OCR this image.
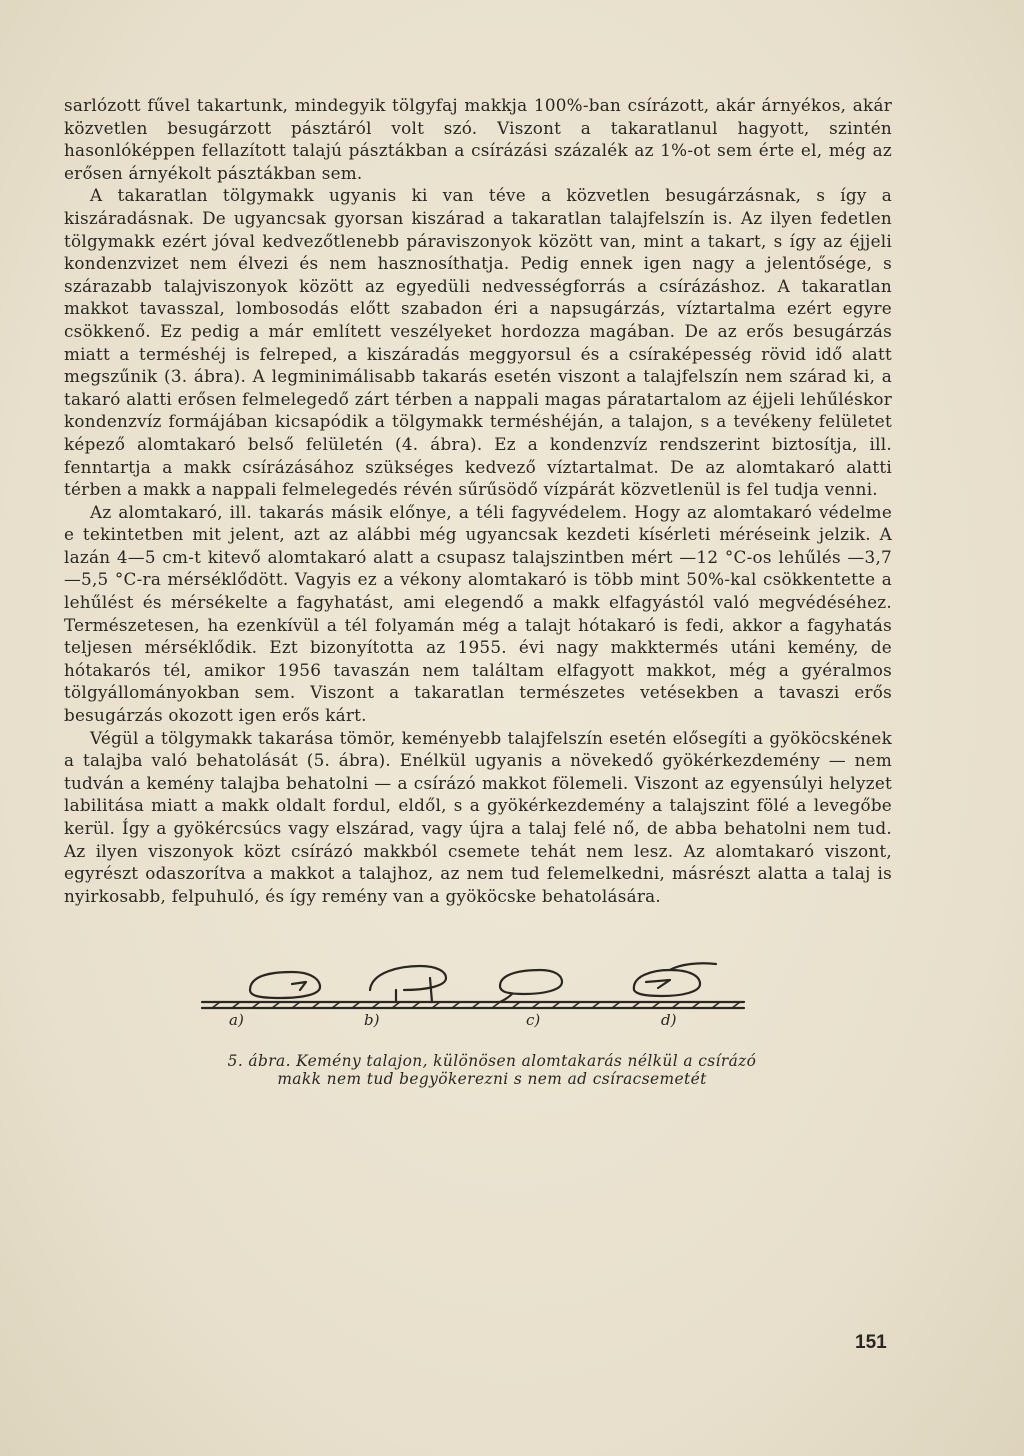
sarlózott fűvel takartunk, mindegyik tölgyfaj makkja 100%-ban csírázott, akár árnyékos, akár közvetlen besugárzott pásztáról volt szó. Viszont a takaratlanul hagyott, szintén hasonlóképpen fellazított talajú pásztákban a csírázási százalék az 1%-ot sem érte el, még az erősen árnyékolt pásztákban sem.

A takaratlan tölgymakk ugyanis ki van téve a közvetlen besugárzásnak, s így a kiszáradásnak. De ugyancsak gyorsan kiszárad a takaratlan talajfelszín is. Az ilyen fedetlen tölgymakk ezért jóval kedvezőtlenebb páraviszonyok között van, mint a takart, s így az éjjeli kondenzvizet nem élvezi és nem hasznosíthatja. Pedig ennek igen nagy a jelentősége, s szárazabb talajviszonyok között az egyedüli nedvességforrás a csírázáshoz. A takaratlan makkot tavasszal, lombosodás előtt szabadon éri a napsugárzás, víztartalma ezért egyre csökkenő. Ez pedig a már említett veszélyeket hordozza magában. De az erős besugárzás miatt a terméshéj is felreped, a kiszáradás meggyorsul és a csíraképesség rövid idő alatt megszűnik (3. ábra). A legminimálisabb takarás esetén viszont a talajfelszín nem szárad ki, a takaró alatti erősen felmelegedő zárt térben a nappali magas páratartalom az éjjeli lehűléskor kondenzvíz formájában kicsapódik a tölgymakk terméshéján, a talajon, s a tevékeny felületet képező alomtakaró belső felületén (4. ábra). Ez a kondenzvíz rendszerint biztosítja, ill. fenntartja a makk csírázásához szükséges kedvező víztartalmat. De az alomtakaró alatti térben a makk a nappali felmelegedés révén sűrűsödő vízpárát közvetlenül is fel tudja venni.

Az alomtakaró, ill. takarás másik előnye, a téli fagyvédelem. Hogy az alomtakaró védelme e tekintetben mit jelent, azt az alábbi még ugyancsak kezdeti kísérleti méréseink jelzik. A lazán 4—5 cm-t kitevő alomtakaró alatt a csupasz talajszintben mért —12 °C-os lehűlés —3,7—5,5 °C-ra mérséklődött. Vagyis ez a vékony alomtakaró is több mint 50%-kal csökkentette a lehűlést és mérsékelte a fagyhatást, ami elegendő a makk elfagyástól való megvédéséhez. Természetesen, ha ezenkívül a tél folyamán még a talajt hótakaró is fedi, akkor a fagyhatás teljesen mérséklődik. Ezt bizonyította az 1955. évi nagy makktermés utáni kemény, de hótakarós tél, amikor 1956 tavaszán nem találtam elfagyott makkot, még a gyéralmos tölgyállományokban sem. Viszont a takaratlan természetes vetésekben a tavaszi erős besugárzás okozott igen erős kárt.

Végül a tölgymakk takarása tömör, keményebb talajfelszín esetén elősegíti a gyököcskének a talajba való behatolását (5. ábra). Enélkül ugyanis a növekedő gyökérkezdemény — nem tudván a kemény talajba behatolni — a csírázó makkot fölemeli. Viszont az egyensúlyi helyzet labilitása miatt a makk oldalt fordul, eldől, s a gyökérkezdemény a talajszint fölé a levegőbe kerül. Így a gyökércsúcs vagy elszárad, vagy újra a talaj felé nő, de abba behatolni nem tud. Az ilyen viszonyok közt csírázó makkból csemete tehát nem lesz. Az alomtakaró viszont, egyrészt odaszorítva a makkot a talajhoz, az nem tud felemelkedni, másrészt alatta a talaj is nyirkosabb, felpuhuló, és így remény van a gyököcske behatolására.

a)	b)	c)	d)
5. ábra. Kemény talajon, különösen alomtakarás nélkül a csírázó makk nem tud begyökerezni s nem ad csíracsemetét
151
